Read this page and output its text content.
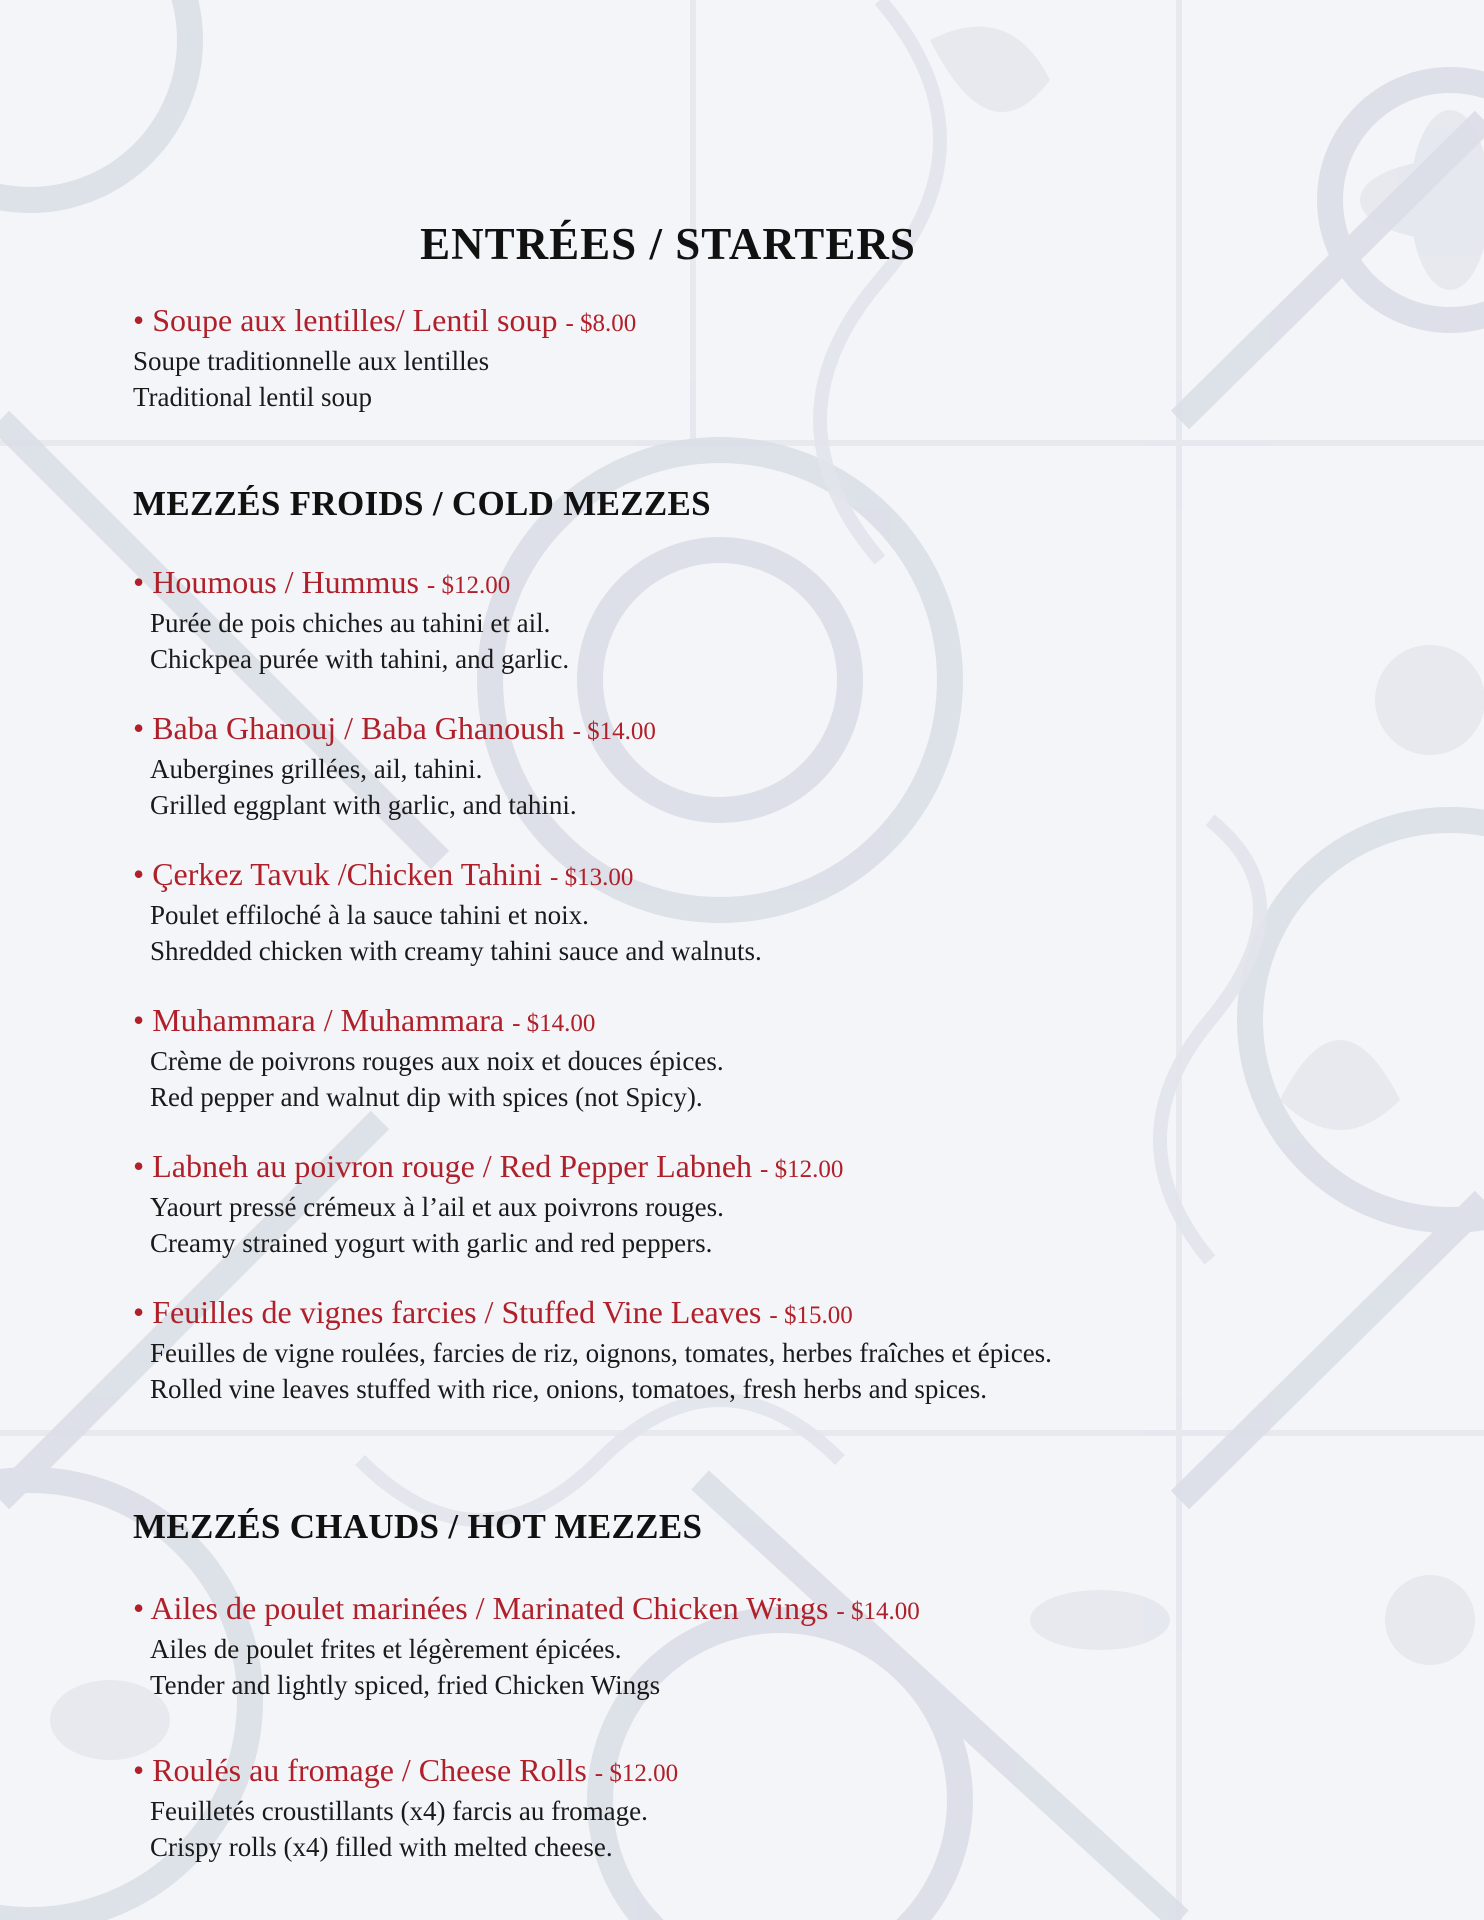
ENTRÉES / STARTERS
• Soupe aux lentilles/ Lentil soup - $8.00
Soupe traditionnelle aux lentilles
Traditional lentil soup
MEZZÉS FROIDS / COLD MEZZES
• Houmous / Hummus - $12.00
Purée de pois chiches au tahini et ail.
Chickpea purée with tahini, and garlic.
• Baba Ghanouj / Baba Ghanoush - $14.00
Aubergines grillées, ail, tahini.
Grilled eggplant with garlic, and tahini.
• Çerkez Tavuk /Chicken Tahini - $13.00
Poulet effiloché à la sauce tahini et noix.
Shredded chicken with creamy tahini sauce and walnuts.
• Muhammara / Muhammara - $14.00
Crème de poivrons rouges aux noix et douces épices.
Red pepper and walnut dip with spices (not Spicy).
• Labneh au poivron rouge / Red Pepper Labneh - $12.00
Yaourt pressé crémeux à l’ail et aux poivrons rouges.
Creamy strained yogurt with garlic and red peppers.
• Feuilles de vignes farcies / Stuffed Vine Leaves - $15.00
Feuilles de vigne roulées, farcies de riz, oignons, tomates, herbes fraîches et épices.
Rolled vine leaves stuffed with rice, onions, tomatoes, fresh herbs and spices.
MEZZÉS CHAUDS / HOT MEZZES
• Ailes de poulet marinées / Marinated Chicken Wings - $14.00
Ailes de poulet frites et légèrement épicées.
Tender and lightly spiced, fried Chicken Wings
• Roulés au fromage / Cheese Rolls - $12.00
Feuilletés croustillants (x4) farcis au fromage.
Crispy rolls (x4) filled with melted cheese.
